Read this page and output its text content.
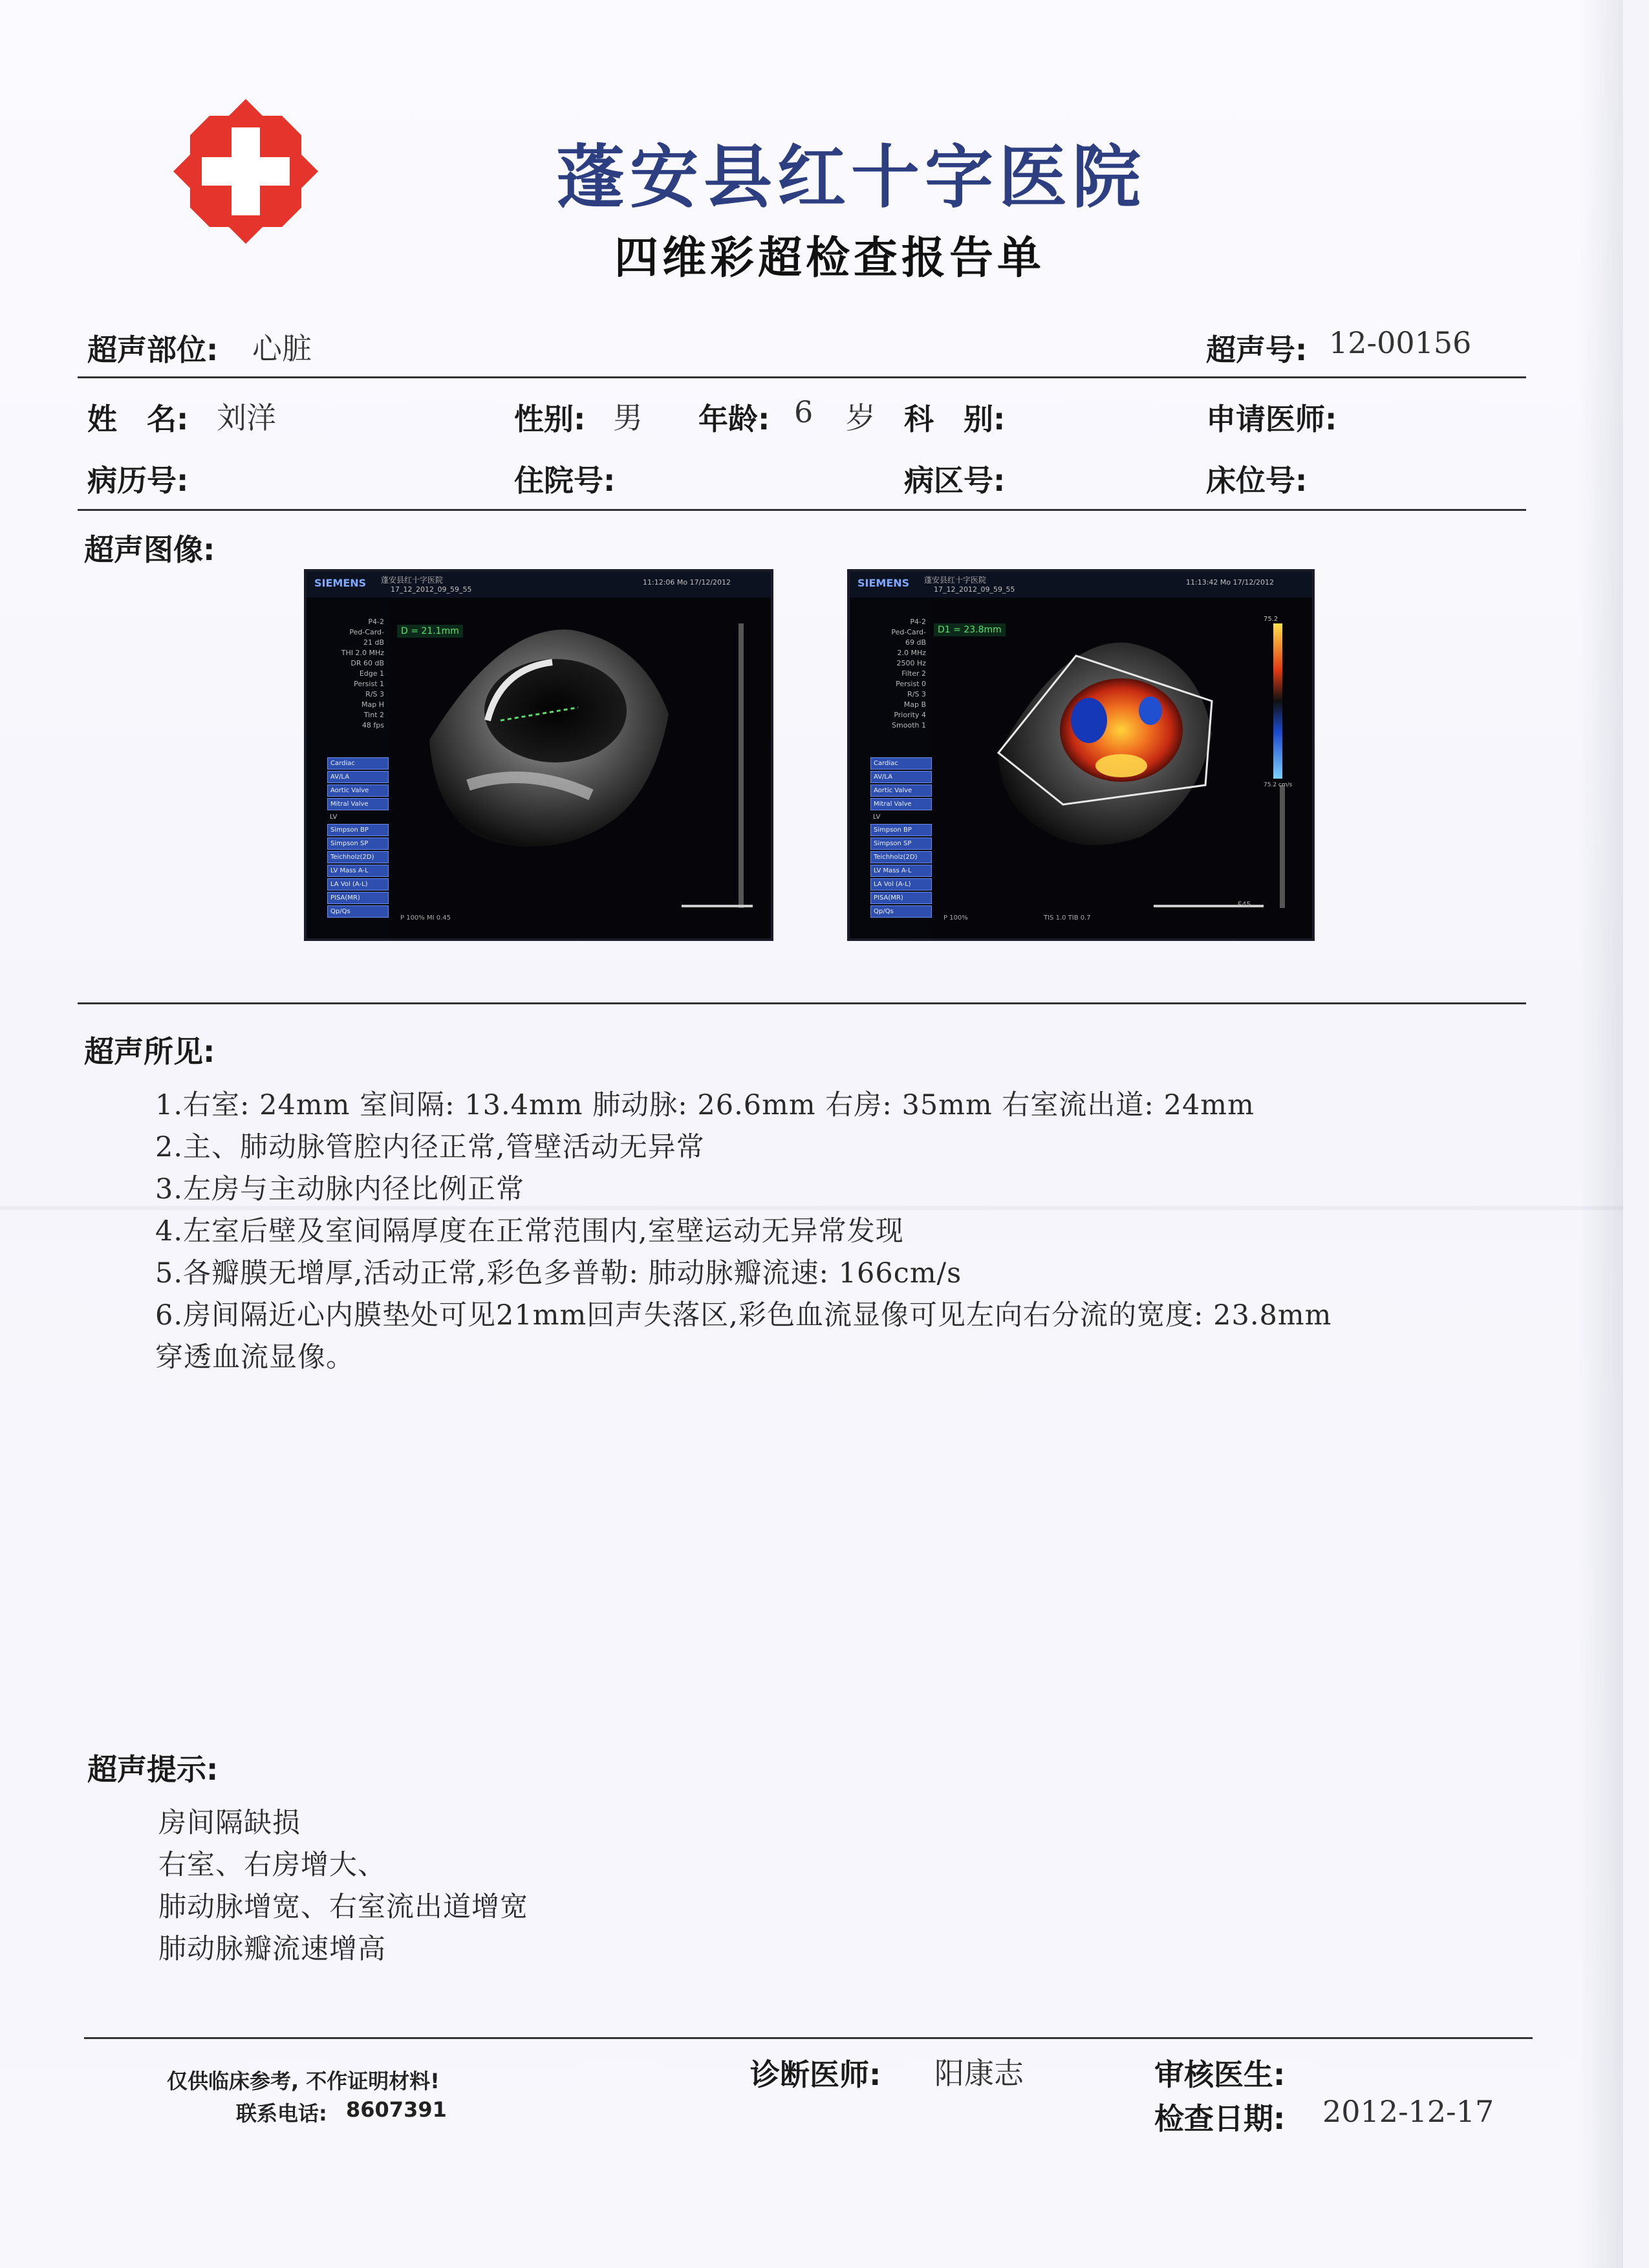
蓬安县红十字医院
四维彩超检查报告单
超声部位: 心脏	超声号: 12-00156
姓　名: 刘洋	性别: 男 年龄: 6 岁 科　别:	申请医师:
病历号:	住院号:	病区号:	床位号:
超声图像:
SIEMENS 蓬安县红十字医院
17_12_2012_09_59_55
11:12:06 Mo 17/12/2012
D = 21.1mm
P4-2
Ped-Card-
21 dB
THI 2.0 MHz
DR 60 dB
Edge 1
Persist 1
R/S 3
Map H
Tint 2
48 fps
Cardiac
AV/LA
Aortic Valve
Mitral Valve
LV
Simpson BP
Simpson SP
Teichholz(2D)
LV Mass A-L
LA Vol (A-L)
PISA(MR)
Qp/Qs
P 100% MI 0.45
SIEMENS 蓬安县红十字医院
17_12_2012_09_59_55
11:13:42 Mo 17/12/2012
D1 = 23.8mm
75.2
75.2 cm/s
P4-2
Ped-Card-
69 dB
2.0 MHz
2500 Hz
Filter 2
Persist 0
R/S 3
Map B
Priority 4
Smooth 1
Cardiac
AV/LA
Aortic Valve
Mitral Valve
LV
Simpson BP
Simpson SP
Teichholz(2D)
LV Mass A-L
LA Vol (A-L)
PISA(MR)
Qp/Qs
P 100%	TIS 1.0 TIB 0.7
F45
超声所见:
1.右室: 24mm 室间隔: 13.4mm 肺动脉: 26.6mm 右房: 35mm 右室流出道: 24mm
2.主、肺动脉管腔内径正常,管壁活动无异常
3.左房与主动脉内径比例正常
4.左室后壁及室间隔厚度在正常范围内,室壁运动无异常发现
5.各瓣膜无增厚,活动正常,彩色多普勒: 肺动脉瓣流速: 166cm/s
6.房间隔近心内膜垫处可见21mm回声失落区,彩色血流显像可见左向右分流的宽度: 23.8mm
穿透血流显像。
超声提示:
房间隔缺损
右室、右房增大、
肺动脉增宽、右室流出道增宽
肺动脉瓣流速增高
仅供临床参考, 不作证明材料!
联系电话: 8607391
诊断医师: 阳康志	审核医生:
检查日期: 2012-12-17
